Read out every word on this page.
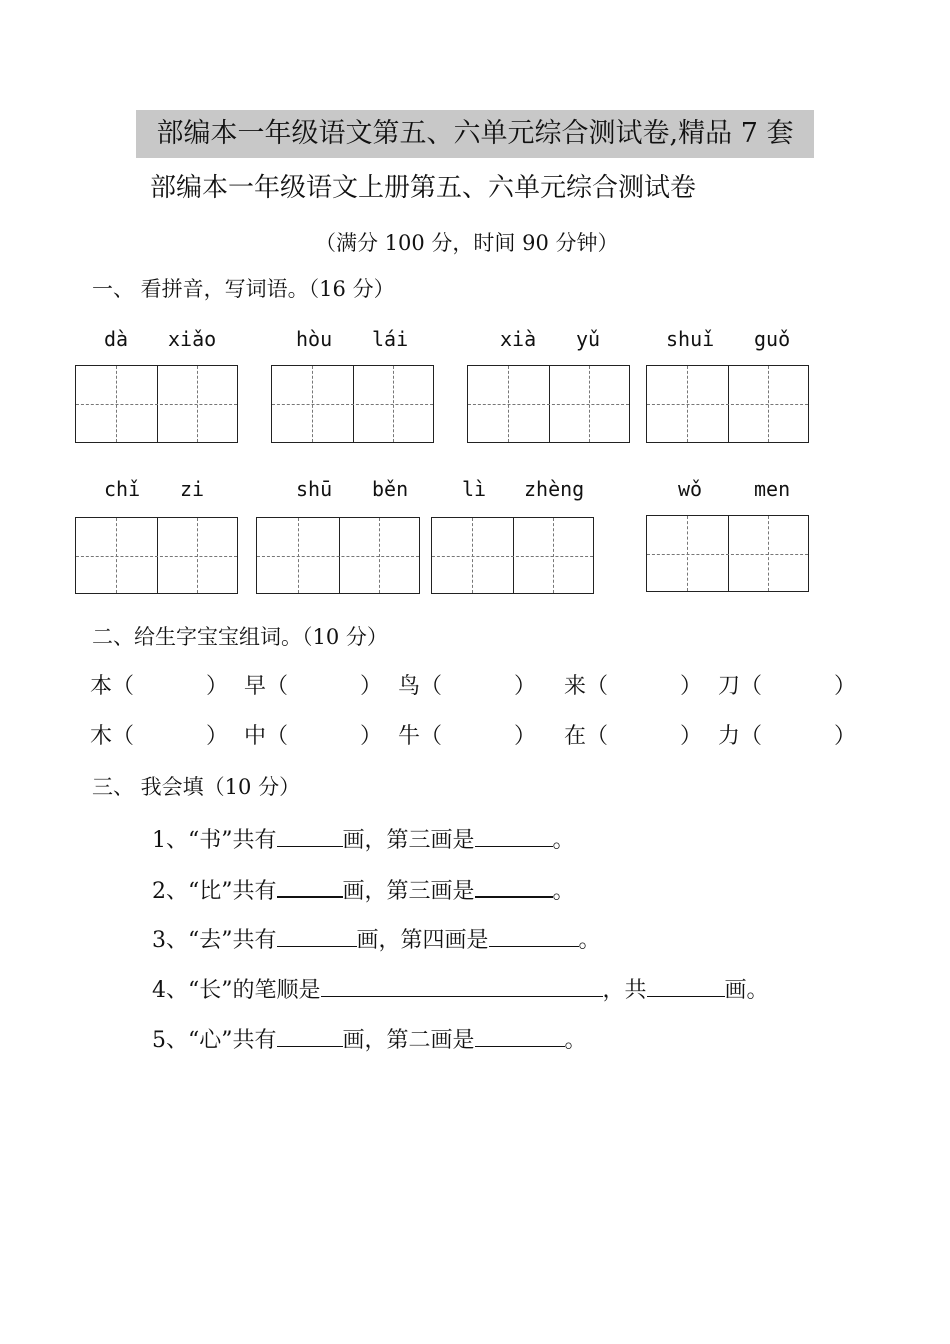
部编本一年级语文第五、六单元综合测试卷,精品 7 套
部编本一年级语文上册第五、六单元综合测试卷
（满分 100 分，时间 90 分钟）
一、 看拼音，写词语。（16 分）
dà xiǎo	hòu lái	xià yǔ	shuǐ guǒ
chǐ zi	shū běn	lì zhèng	wǒ	men
二、给生字宝宝组词。（10 分）
本（	） 早（	） 鸟（	） 来（	） 刀（	）
木（	） 中（	） 牛（	） 在（	） 力（	）
三、 我会填（10 分）
1、“书”共有	画，第三画是	。
2、“比”共有	画，第三画是	。
3、“去”共有	画，第四画是	。
4、“长”的笔顺是	，共	画。
5、“心”共有	画，第二画是	。
